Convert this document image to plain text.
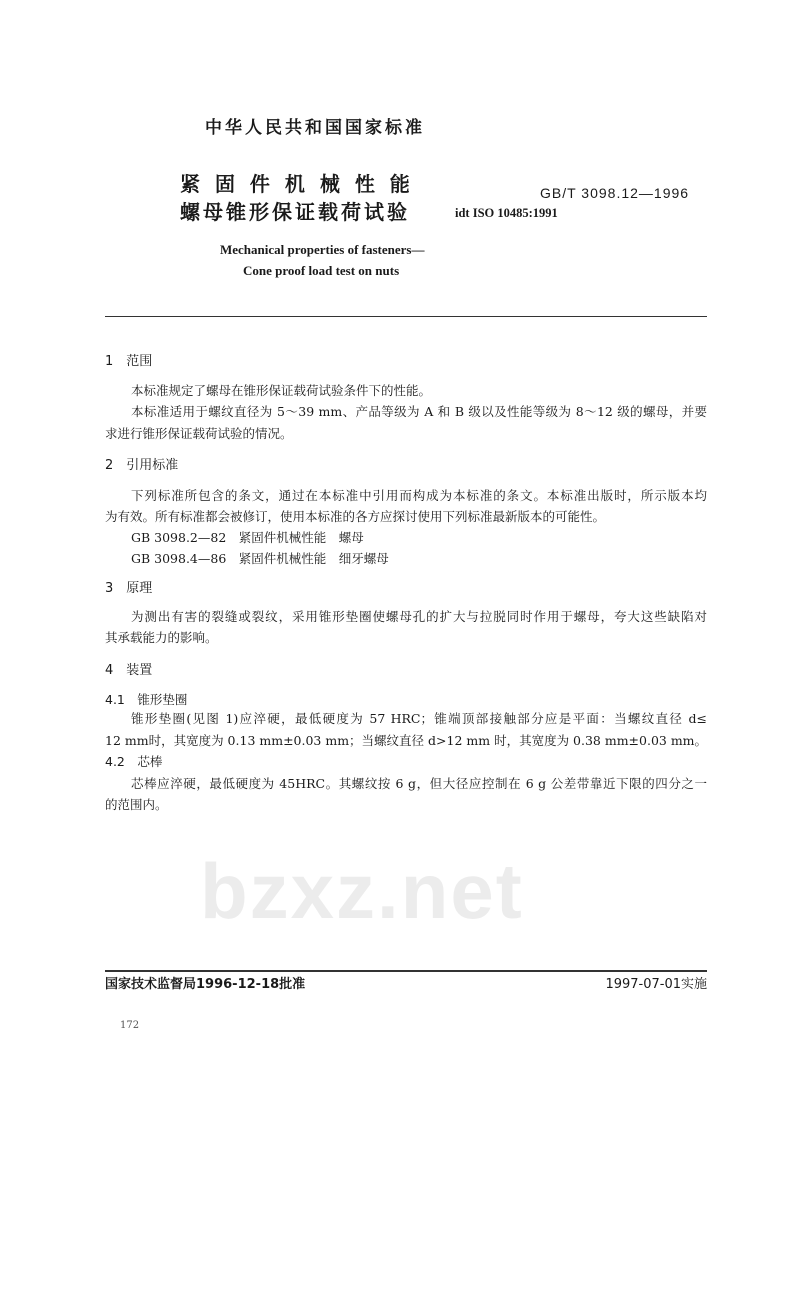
bzxz.net
中华人民共和国国家标准
紧 固 件 机 械 性 能
螺母锥形保证载荷试验
GB/T 3098.12—1996
idt ISO 10485:1991
Mechanical properties of fasteners—
Cone proof load test on nuts
1　范围
本标准规定了螺母在锥形保证载荷试验条件下的性能。
本标准适用于螺纹直径为 5～39 mm、产品等级为 A 和 B 级以及性能等级为 8～12 级的螺母，并要
求进行锥形保证载荷试验的情况。
2　引用标准
下列标准所包含的条文，通过在本标准中引用而构成为本标准的条文。本标准出版时，所示版本均
为有效。所有标准都会被修订，使用本标准的各方应探讨使用下列标准最新版本的可能性。
GB 3098.2—82　紧固件机械性能　螺母
GB 3098.4—86　紧固件机械性能　细牙螺母
3　原理
为测出有害的裂缝或裂纹，采用锥形垫圈使螺母孔的扩大与拉脱同时作用于螺母，夸大这些缺陷对
其承载能力的影响。
4　装置
4.1　锥形垫圈
锥形垫圈(见图 1)应淬硬，最低硬度为 57 HRC；锥端顶部接触部分应是平面：当螺纹直径 d≤
12 mm时，其宽度为 0.13 mm±0.03 mm；当螺纹直径 d>12 mm 时，其宽度为 0.38 mm±0.03 mm。
4.2　芯棒
芯棒应淬硬，最低硬度为 45HRC。其螺纹按 6 g，但大径应控制在 6 g 公差带靠近下限的四分之一
的范围内。
国家技术监督局1996-12-18批准	1997-07-01实施
172
